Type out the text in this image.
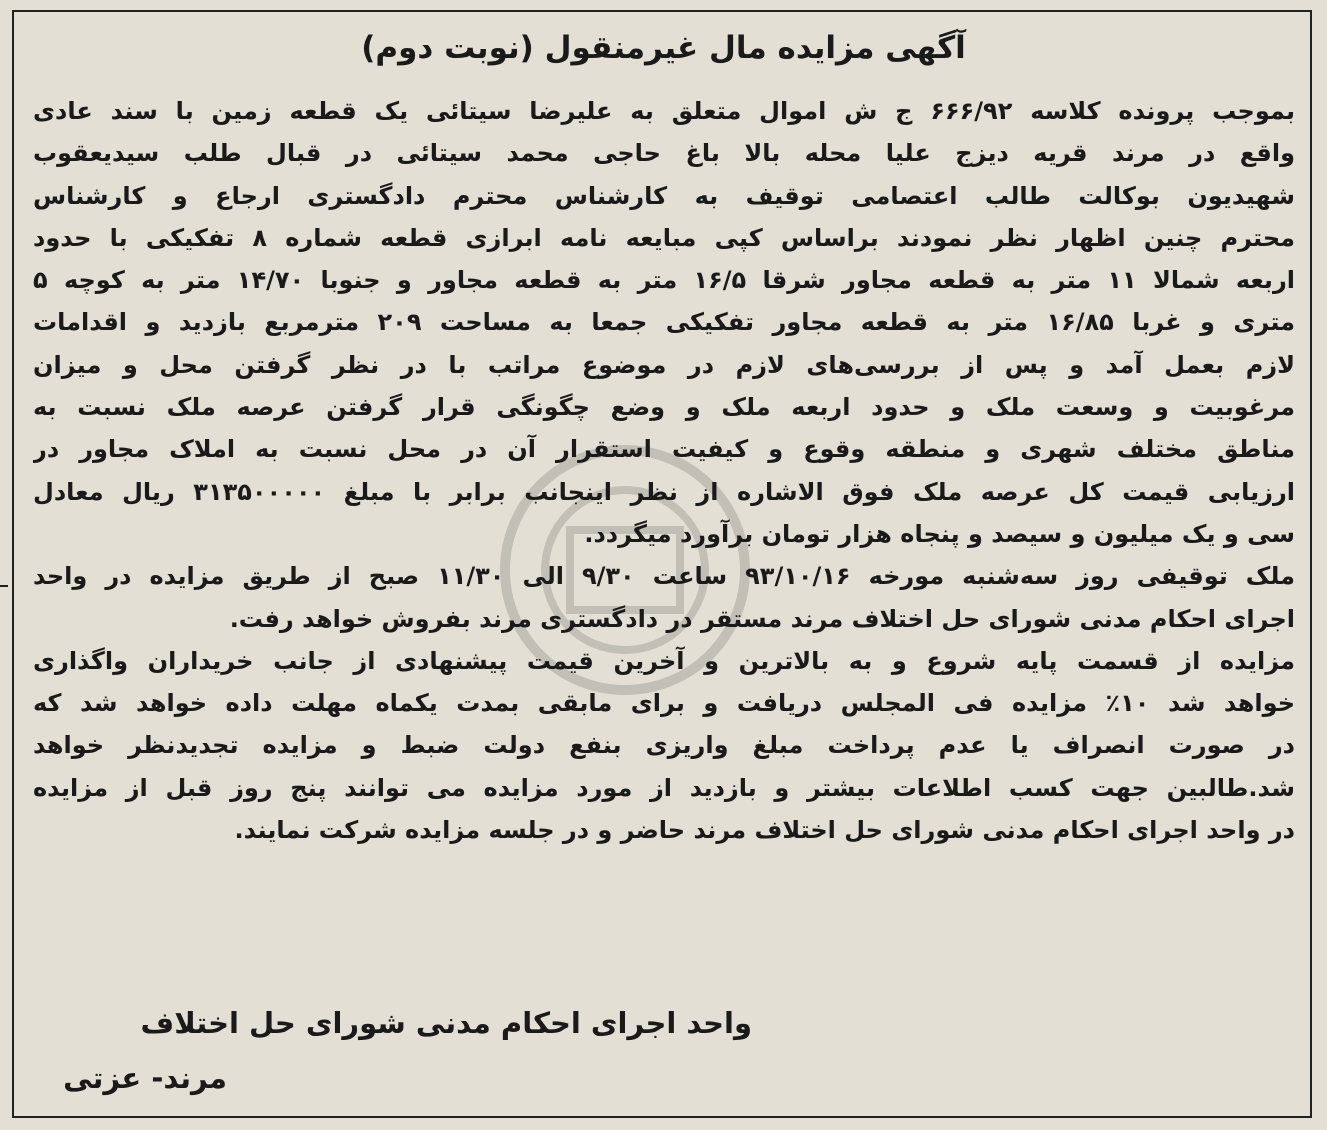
آگهی مزایده مال غیرمنقول (نوبت دوم)
بموجب پرونده کلاسه ۶۶۶/۹۲ ج ش اموال متعلق به علیرضا سیتائی یک قطعه زمین با سند عادی
واقع در مرند قریه دیزج علیا محله بالا باغ حاجی محمد سیتائی در قبال طلب سیدیعقوب
شهیدیون بوکالت طالب اعتصامی توقیف به کارشناس محترم دادگستری ارجاع و کارشناس
محترم چنین اظهار نظر نمودند براساس کپی مبایعه نامه ابرازی قطعه شماره ۸ تفکیکی با حدود
اربعه شمالا ۱۱ متر به قطعه مجاور شرقا ۱۶/۵ متر به قطعه مجاور و جنوبا ۱۴/۷۰ متر به کوچه ۵
متری و غربا ۱۶/۸۵ متر به قطعه مجاور تفکیکی جمعا به مساحت ۲۰۹ مترمربع بازدید و اقدامات
لازم بعمل آمد و پس از بررسی‌های لازم در موضوع مراتب با در نظر گرفتن محل و میزان
مرغوبیت و وسعت ملک و حدود اربعه ملک و وضع چگونگی قرار گرفتن عرصه ملک نسبت به
مناطق مختلف شهری و منطقه وقوع و کیفیت استقرار آن در محل نسبت به املاک مجاور در
ارزیابی قیمت کل عرصه ملک فوق الاشاره از نظر اینجانب برابر با مبلغ ۳۱۳۵۰۰۰۰۰ ریال معادل
سی و یک میلیون و سیصد و پنجاه هزار تومان برآورد میگردد.
ملک توقیفی روز سه‌شنبه مورخه ۹۳/۱۰/۱۶ ساعت ۹/۳۰ الی ۱۱/۳۰ صبح از طریق مزایده در واحد
اجرای احکام مدنی شورای حل اختلاف مرند مستقر در دادگستری مرند بفروش خواهد رفت.
مزایده از قسمت پایه شروع و به بالاترین و آخرین قیمت پیشنهادی از جانب خریداران واگذاری
خواهد شد ۱۰٪ مزایده فی المجلس دریافت و برای مابقی بمدت یکماه مهلت داده خواهد شد که
در صورت انصراف یا عدم پرداخت مبلغ واریزی بنفع دولت ضبط و مزایده تجدیدنظر خواهد
شد.طالبین جهت کسب اطلاعات بیشتر و بازدید از مورد مزایده می توانند پنج روز قبل از مزایده
در واحد اجرای احکام مدنی شورای حل اختلاف مرند حاضر و در جلسه مزایده شرکت نمایند.
واحد اجرای احکام مدنی شورای حل اختلاف
مرند- عزتی
